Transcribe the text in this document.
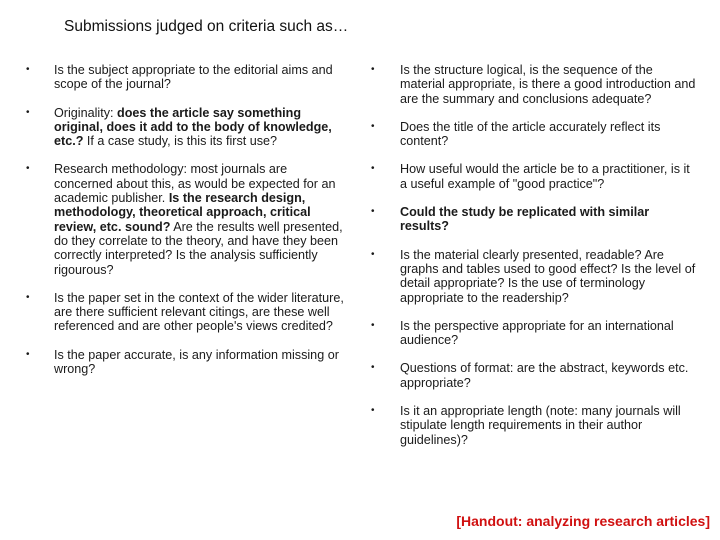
Submissions judged on criteria such as…
• Is the subject appropriate to the editorial aims and scope of the journal?
• Originality: does the article say something original, does it add to the body of knowledge, etc.? If a case study, is this its first use?
• Research methodology: most journals are concerned about this, as would be expected for an academic publisher. Is the research design, methodology, theoretical approach, critical review, etc. sound? Are the results well presented, do they correlate to the theory, and have they been correctly interpreted? Is the analysis sufficiently rigourous?
• Is the paper set in the context of the wider literature, are there sufficient relevant citings, are these well referenced and are other people's views credited?
• Is the paper accurate, is any information missing or wrong?
• Is the structure logical, is the sequence of the material appropriate, is there a good introduction and are the summary and conclusions adequate?
• Does the title of the article accurately reflect its content?
• How useful would the article be to a practitioner, is it a useful example of "good practice"?
• Could the study be replicated with similar results?
• Is the material clearly presented, readable? Are graphs and tables used to good effect? Is the level of detail appropriate? Is the use of terminology appropriate to the readership?
• Is the perspective appropriate for an international audience?
• Questions of format: are the abstract, keywords etc. appropriate?
• Is it an appropriate length (note: many journals will stipulate length requirements in their author guidelines)?
[Handout: analyzing research articles]
